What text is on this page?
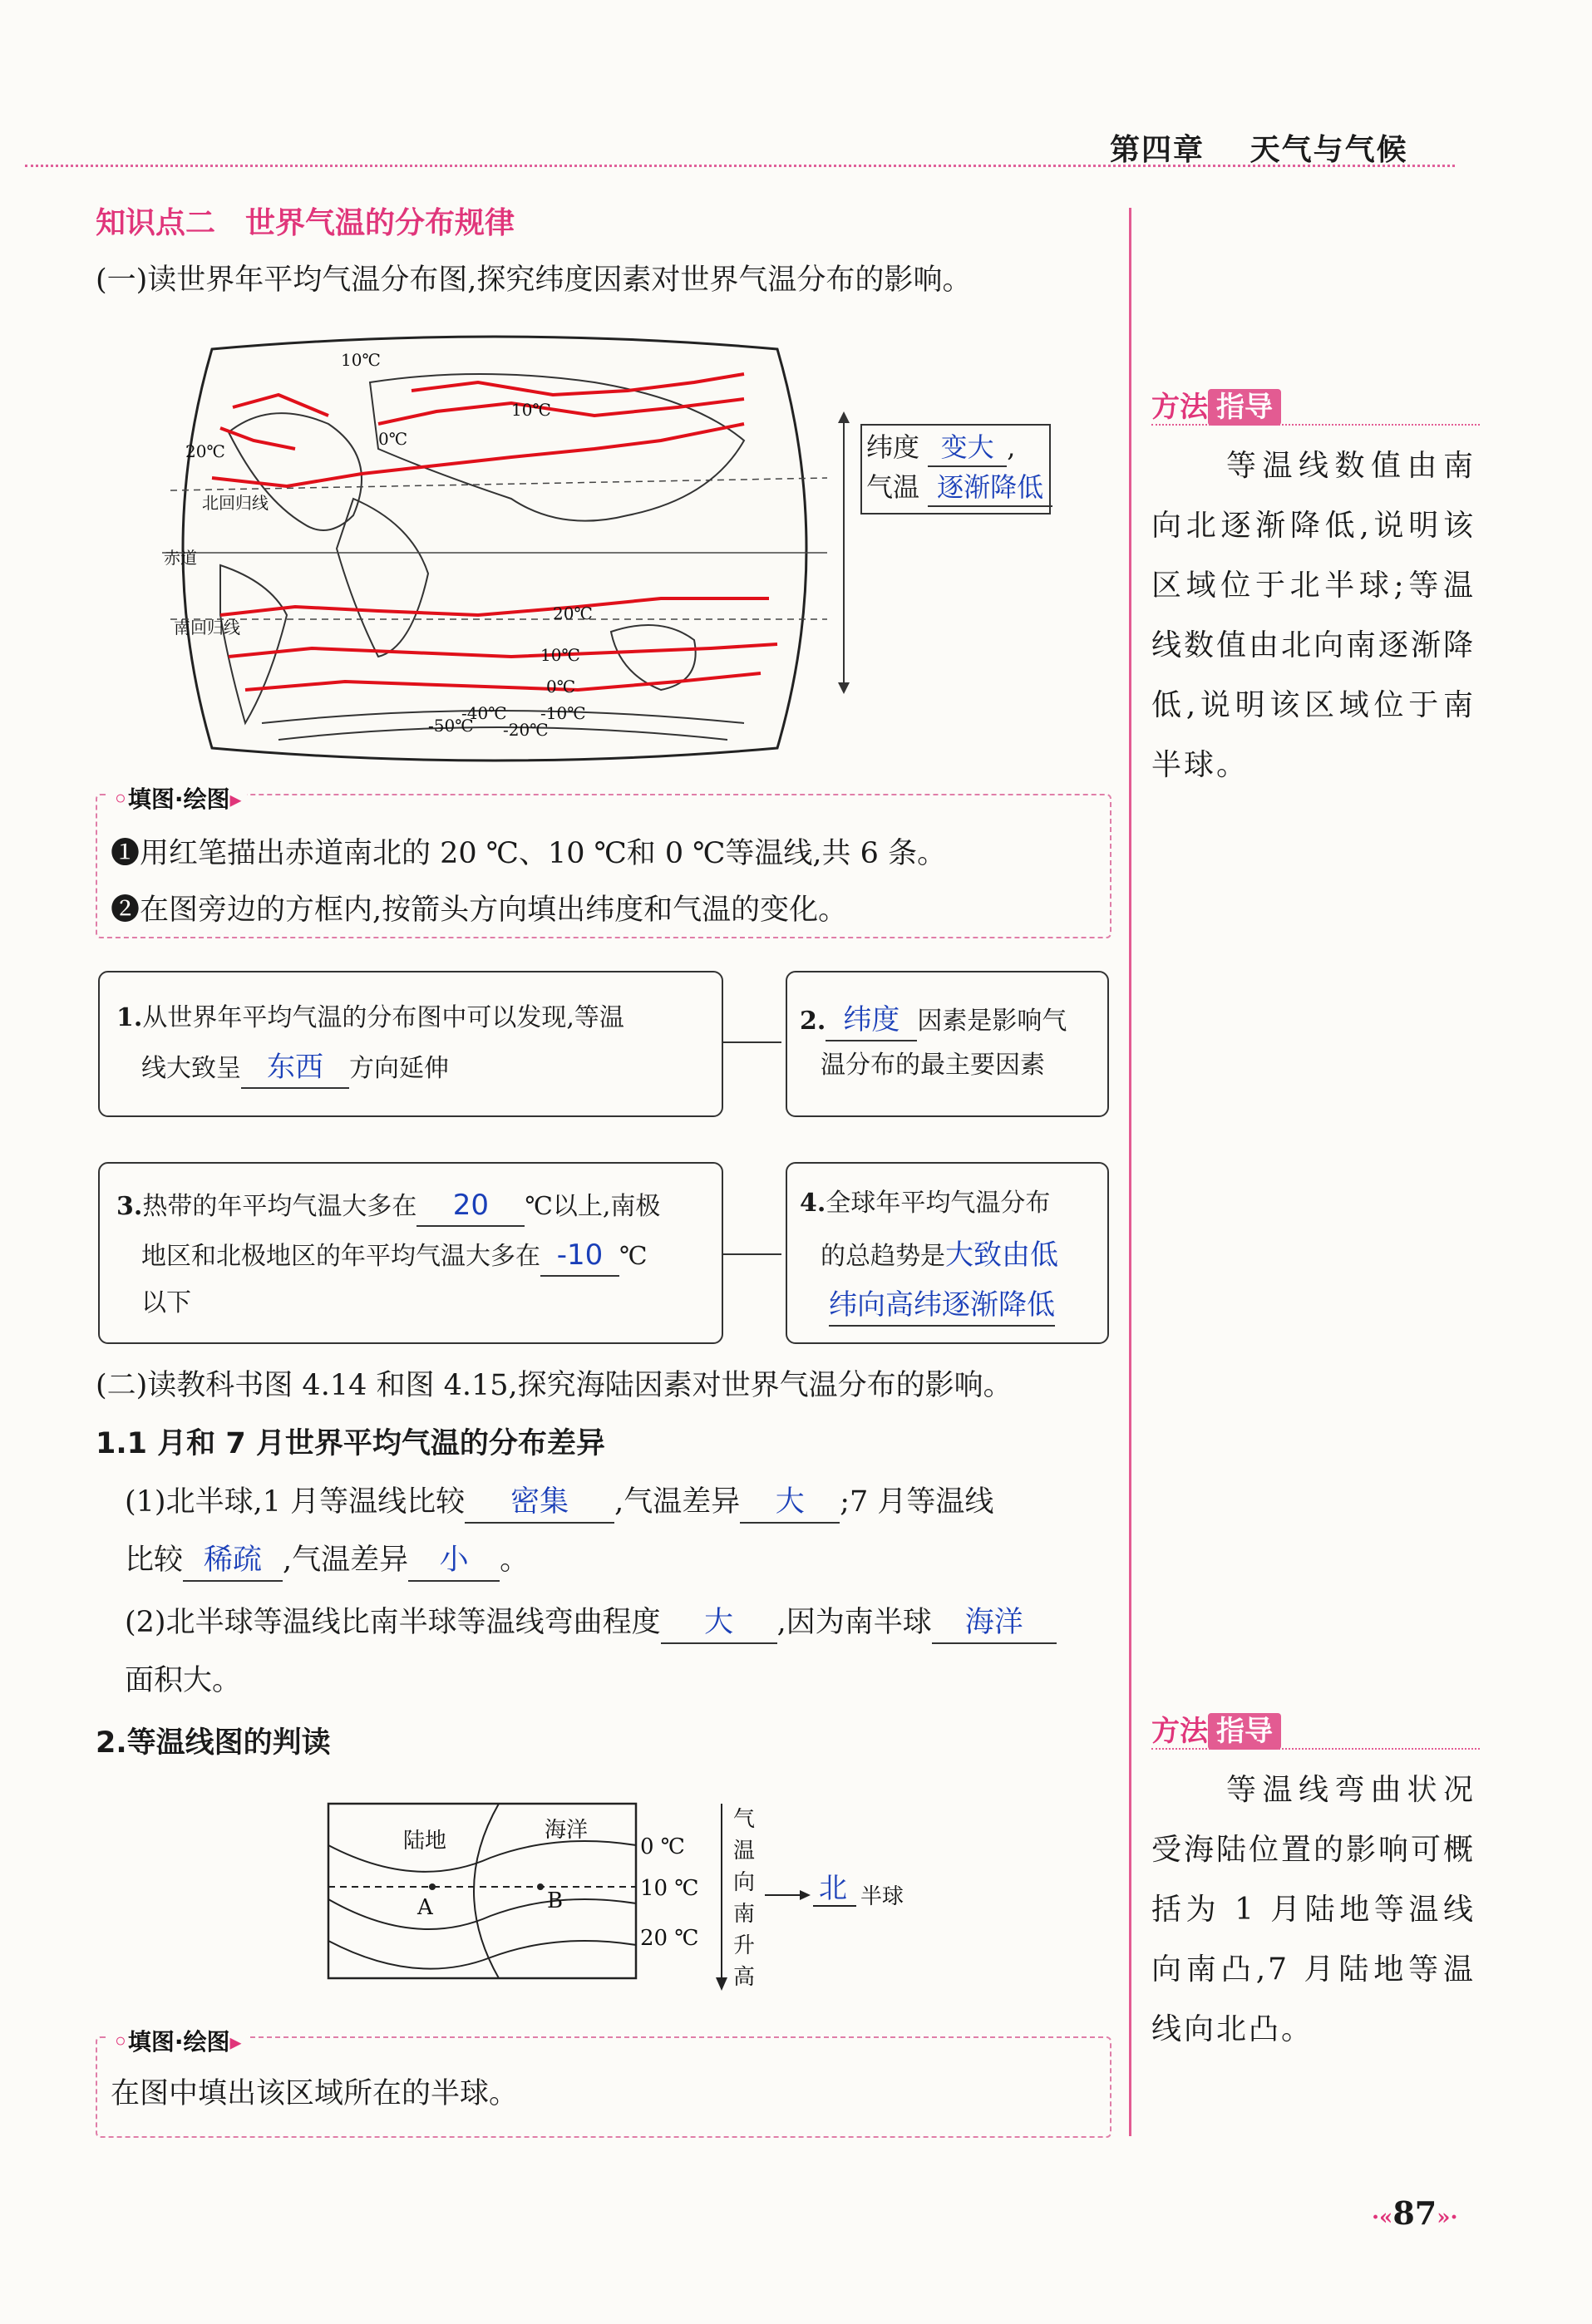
第四章 天气与气候
知识点二　世界气温的分布规律
(一)读世界年平均气温分布图,探究纬度因素对世界气温分布的影响。
北回归线
赤道
南回归线
10℃
0℃
20℃
10℃
20℃
10℃
0℃
-50℃
-40℃
-20℃
-10℃
纬度 变大 ,
气温 逐渐降低
◦填图·绘图▸
❶用红笔描出赤道南北的 20 ℃、10 ℃和 0 ℃等温线,共 6 条。
❷在图旁边的方框内,按箭头方向填出纬度和气温的变化。
1.从世界年平均气温的分布图中可以发现,等温
线大致呈 东西 方向延伸
2. 纬度 因素是影响气
温分布的最主要因素
3.热带的年平均气温大多在 20 ℃以上,南极
地区和北极地区的年平均气温大多在 -10 ℃
以下
4.全球年平均气温分布
的总趋势是大致由低
纬向高纬逐渐降低
(二)读教科书图 4.14 和图 4.15,探究海陆因素对世界气温分布的影响。
1.1 月和 7 月世界平均气温的分布差异
(1)北半球,1 月等温线比较 密集 ,气温差异 大 ;7 月等温线
比较 稀疏 ,气温差异 小 。
(2)北半球等温线比南半球等温线弯曲程度 大 ,因为南半球 海洋
面积大。
2.等温线图的判读
陆地	海洋
A	B
0 ℃
10 ℃
20 ℃
气
温
向
南
升
高
北 半球
◦填图·绘图▸
在图中填出该区域所在的半球。
方法 指导
等温线数值由南向北逐渐降低,说明该区域位于北半球;等温线数值由北向南逐渐降低,说明该区域位于南半球。
方法 指导
等温线弯曲状况受海陆位置的影响可概括为 1 月陆地等温线向南凸,7 月陆地等温线向北凸。
·«87»·
